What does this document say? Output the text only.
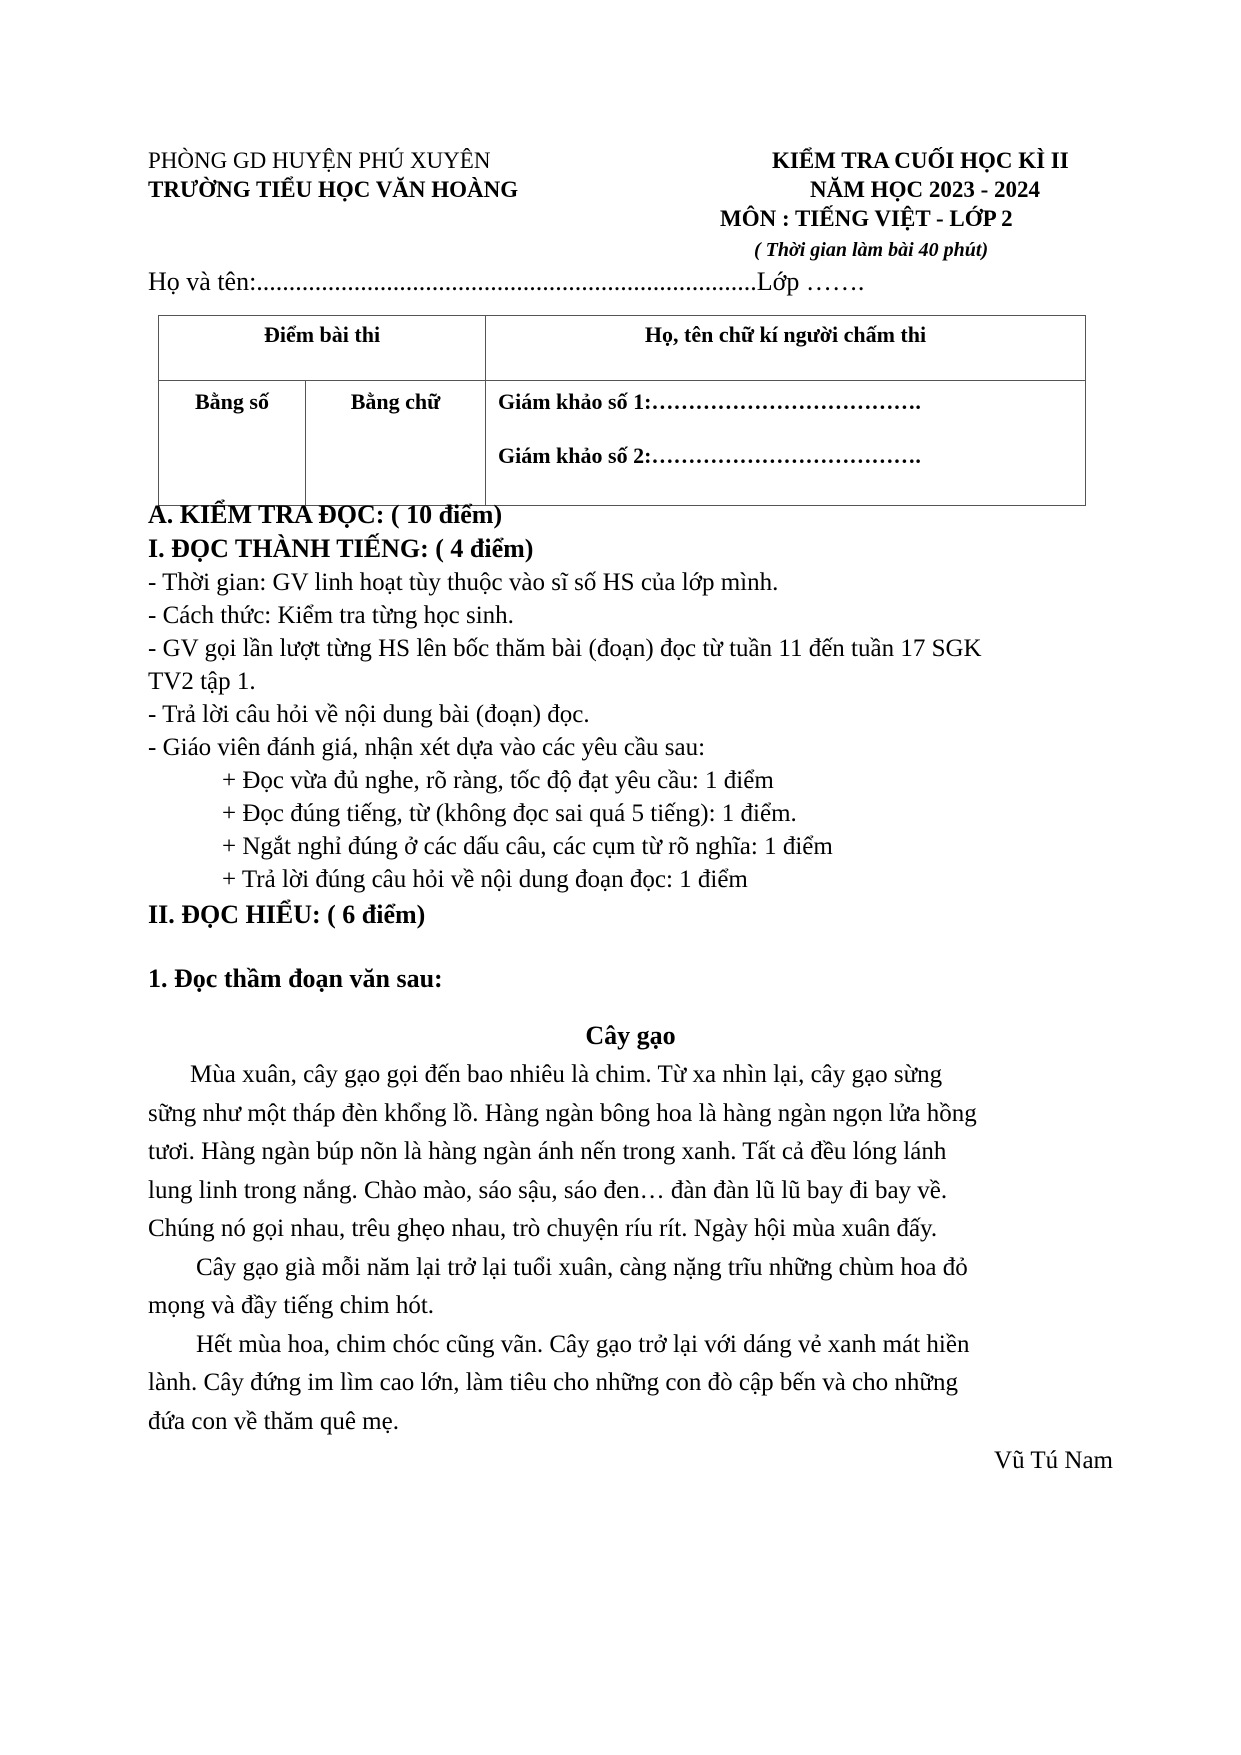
PHÒNG GD HUYỆN PHÚ XUYÊN
TRƯỜNG TIỂU HỌC VĂN HOÀNG
KIỂM TRA CUỐI HỌC KÌ II
NĂM HỌC 2023 - 2024
MÔN : TIẾNG VIỆT - LỚP 2
( Thời gian làm bài 40 phút)
Họ và tên:.............................................................................Lớp …….
Điểm bài thi		Họ, tên chữ kí người chấm thi
Bằng số	Bằng chữ	Giám khảo số 1:……………………………….
Giám khảo số 2:……………………………….
A. KIỂM TRA ĐỌC: ( 10 điểm)
I. ĐỌC THÀNH TIẾNG: ( 4 điểm)
- Thời gian: GV linh hoạt tùy thuộc vào sĩ số HS của lớp mình.
- Cách thức: Kiểm tra từng học sinh.
- GV gọi lần lượt từng HS lên bốc thăm bài (đoạn) đọc từ tuần 11 đến tuần 17 SGK
TV2 tập 1.
- Trả lời câu hỏi về nội dung bài (đoạn) đọc.
- Giáo viên đánh giá, nhận xét dựa vào các yêu cầu sau:
+ Đọc vừa đủ nghe, rõ ràng, tốc độ đạt yêu cầu: 1 điểm
+ Đọc đúng tiếng, từ (không đọc sai quá 5 tiếng): 1 điểm.
+ Ngắt nghỉ đúng ở các dấu câu, các cụm từ rõ nghĩa: 1 điểm
+ Trả lời đúng câu hỏi về nội dung đoạn đọc: 1 điểm
II. ĐỌC HIỂU: ( 6 điểm)
1. Đọc thầm đoạn văn sau:
Cây gạo
Mùa xuân, cây gạo gọi đến bao nhiêu là chim. Từ xa nhìn lại, cây gạo sừng
sững như một tháp đèn khổng lồ. Hàng ngàn bông hoa là hàng ngàn ngọn lửa hồng
tươi. Hàng ngàn búp nõn là hàng ngàn ánh nến trong xanh. Tất cả đều lóng lánh
lung linh trong nắng. Chào mào, sáo sậu, sáo đen… đàn đàn lũ lũ bay đi bay về.
Chúng nó gọi nhau, trêu ghẹo nhau, trò chuyện ríu rít. Ngày hội mùa xuân đấy.
Cây gạo già mỗi năm lại trở lại tuổi xuân, càng nặng trĩu những chùm hoa đỏ
mọng và đầy tiếng chim hót.
Hết mùa hoa, chim chóc cũng vãn. Cây gạo trở lại với dáng vẻ xanh mát hiền
lành. Cây đứng im lìm cao lớn, làm tiêu cho những con đò cập bến và cho những
đứa con về thăm quê mẹ.
Vũ Tú Nam
